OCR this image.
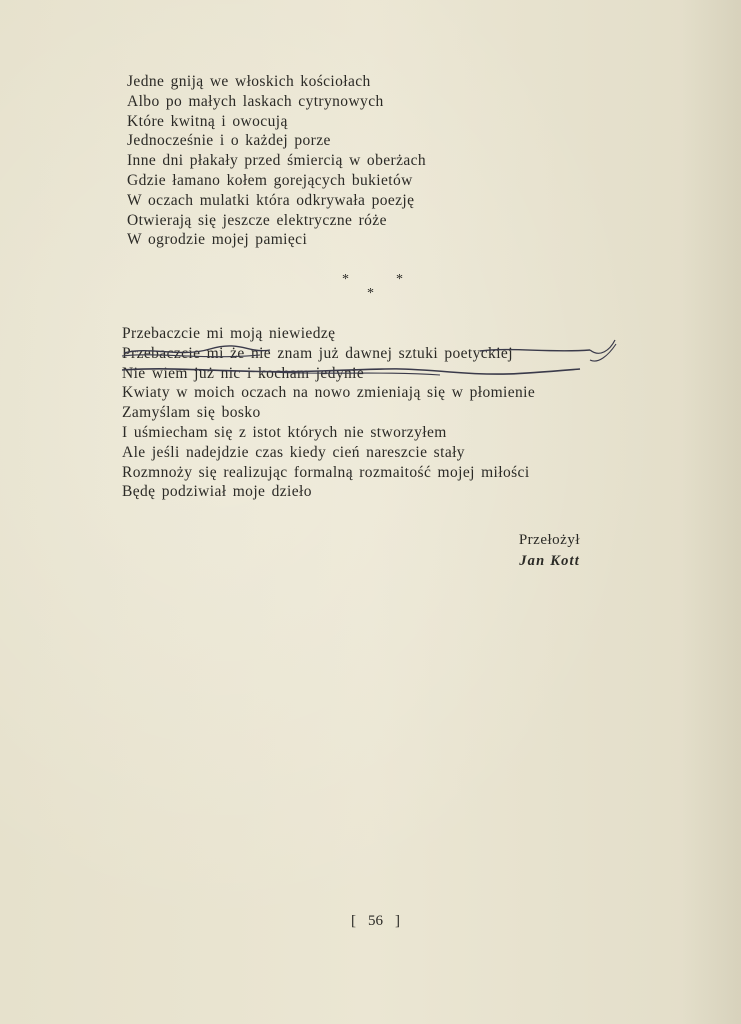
Jedne gniją we włoskich kościołach
Albo po małych laskach cytrynowych
Które kwitną i owocują
Jednocześnie i o każdej porze
Inne dni płakały przed śmiercią w oberżach
Gdzie łamano kołem gorejących bukietów
W oczach mulatki która odkrywała poezję
Otwierają się jeszcze elektryczne róże
W ogrodzie mojej pamięci
*	*
*
Przebaczcie mi moją niewiedzę
Przebaczcie mi że nie znam już dawnej sztuki poetyckiej
Nie wiem już nic i kocham jedynie
Kwiaty w moich oczach na nowo zmieniają się w płomienie
Zamyślam się bosko
I uśmiecham się z istot których nie stworzyłem
Ale jeśli nadejdzie czas kiedy cień nareszcie stały
Rozmnoży się realizując formalną rozmaitość mojej miłości
Będę podziwiał moje dzieło
Przełożył
Jan Kott
[ 56 ]
